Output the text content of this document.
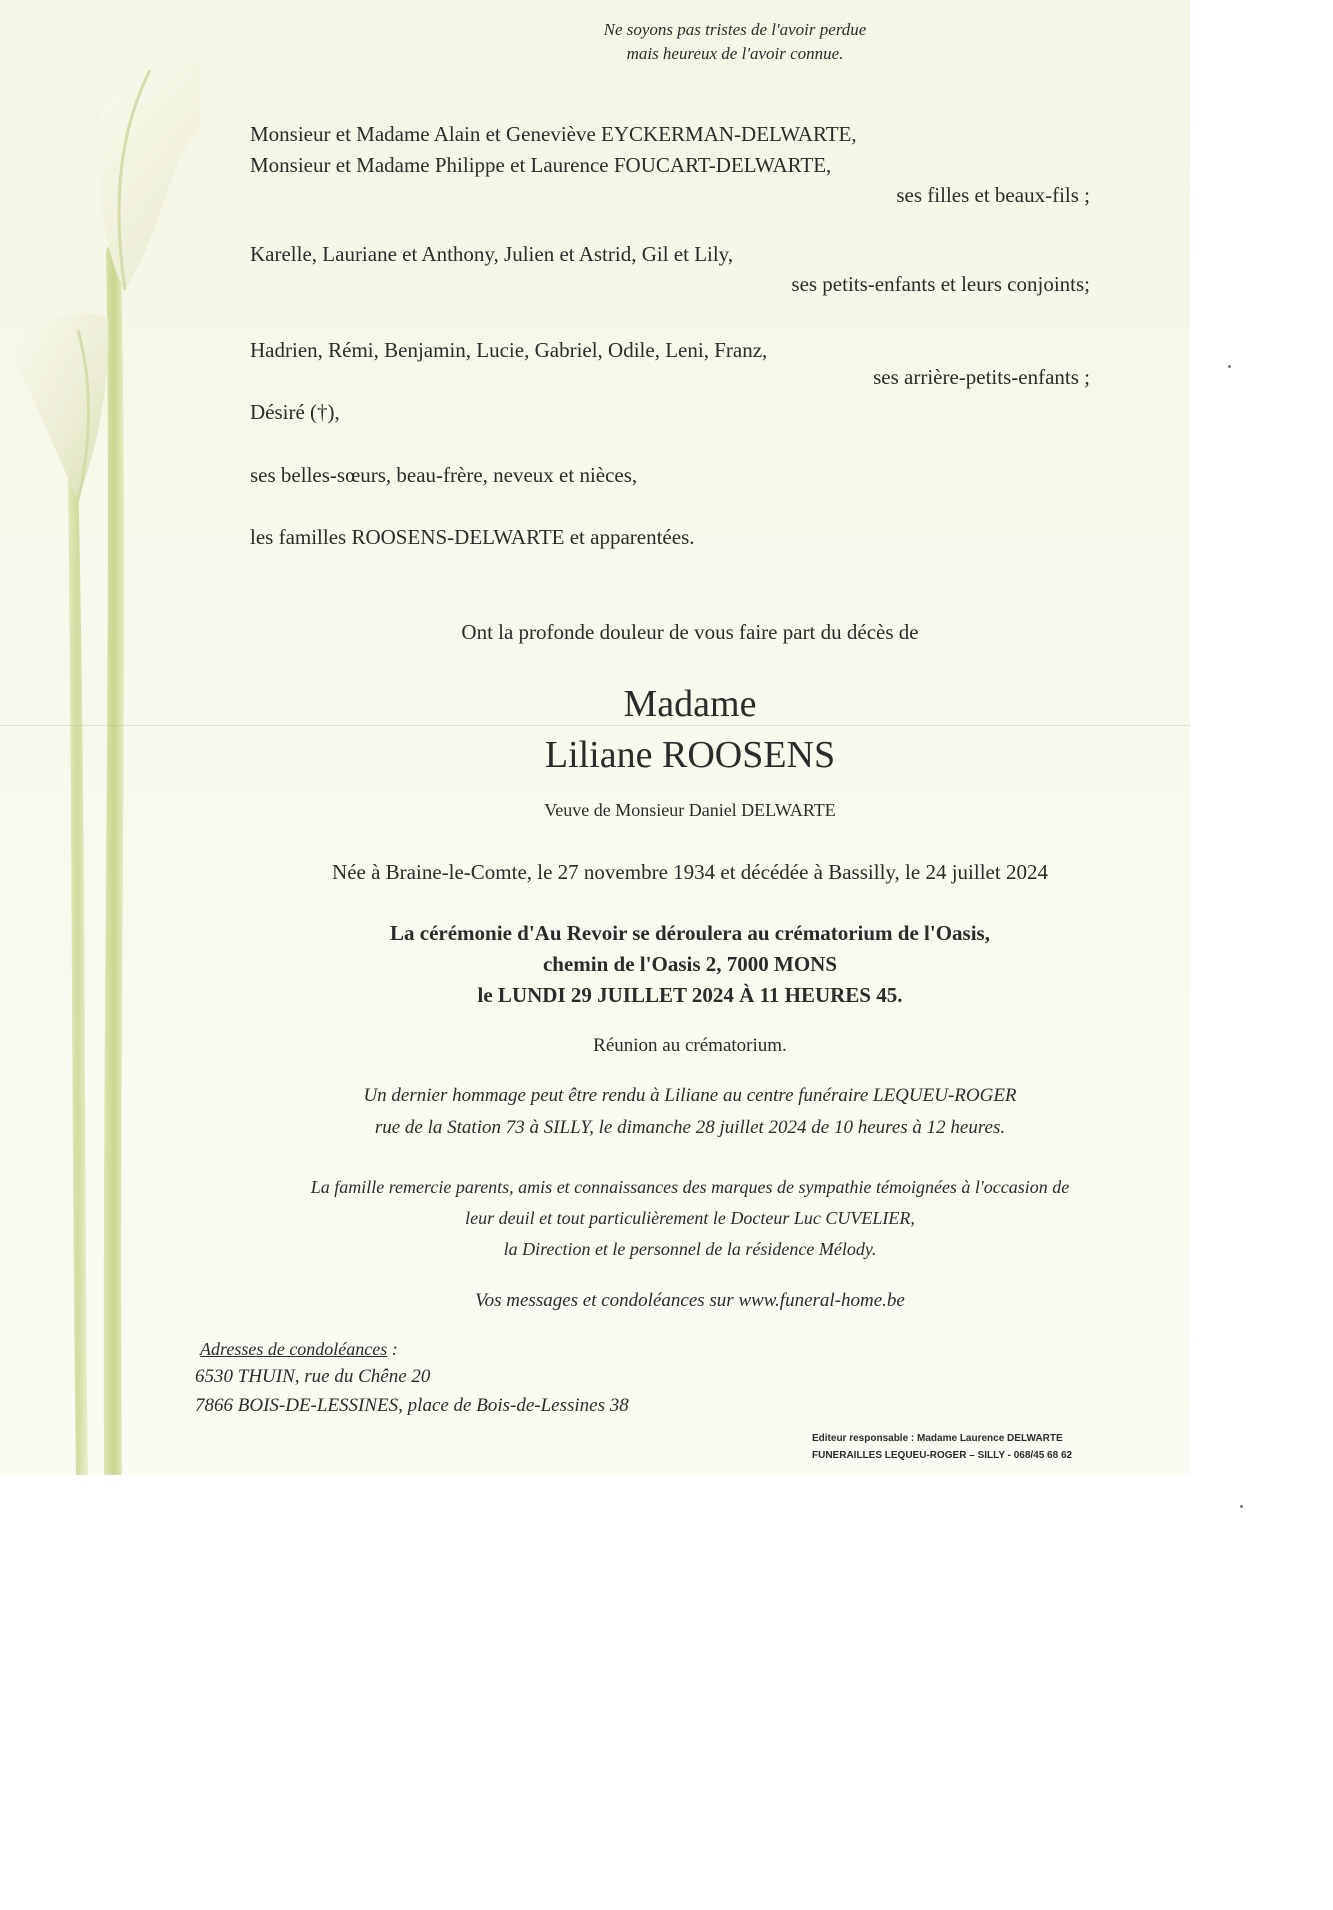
Ne soyons pas tristes de l'avoir perdue

mais heureux de l'avoir connue.

Monsieur et Madame Alain et Geneviève EYCKERMAN-DELWARTE,

Monsieur et Madame Philippe et Laurence FOUCART-DELWARTE,

ses filles et beaux-fils ;

Karelle, Lauriane et Anthony, Julien et Astrid, Gil et Lily,

ses petits-enfants et leurs conjoints;

Hadrien, Rémi, Benjamin, Lucie, Gabriel, Odile, Leni, Franz,

ses arrière-petits-enfants ;

Désiré (†),

ses belles-sœurs, beau-frère, neveux et nièces,

les familles ROOSENS-DELWARTE et apparentées.

Ont la profonde douleur de vous faire part du décès de

Madame

Liliane ROOSENS

Veuve de Monsieur Daniel DELWARTE

Née à Braine-le-Comte, le 27 novembre 1934 et décédée à Bassilly, le 24 juillet 2024

La cérémonie d'Au Revoir se déroulera au crématorium de l'Oasis,

chemin de l'Oasis 2, 7000 MONS

le LUNDI 29 JUILLET 2024 À 11 HEURES 45.

Réunion au crématorium.

Un dernier hommage peut être rendu à Liliane au centre funéraire LEQUEU-ROGER

rue de la Station 73 à SILLY, le dimanche 28 juillet 2024 de 10 heures à 12 heures.

La famille remercie parents, amis et connaissances des marques de sympathie témoignées à l'occasion de

leur deuil et tout particulièrement le Docteur Luc CUVELIER,

la Direction et le personnel de la résidence Mélody.

Vos messages et condoléances sur www.funeral-home.be

Adresses de condoléances :

6530 THUIN, rue du Chêne 20

7866 BOIS-DE-LESSINES, place de Bois-de-Lessines 38

Editeur responsable : Madame Laurence DELWARTE

FUNERAILLES LEQUEU-ROGER – SILLY - 068/45 68 62
